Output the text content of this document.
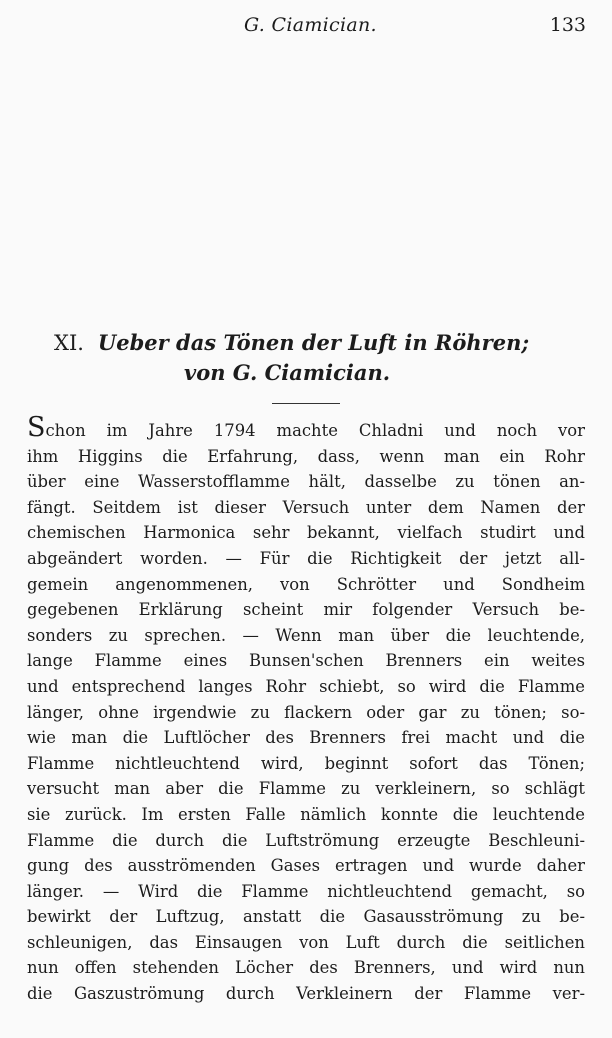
G. Ciamician.	133
XI. Ueber das Tönen der Luft in Röhren;
von G. Ciamician.
Schon im Jahre 1794 machte Chladni und noch vor
ihm Higgins die Erfahrung, dass, wenn man ein Rohr
über eine Wasserstofflamme hält, dasselbe zu tönen an-
fängt. Seitdem ist dieser Versuch unter dem Namen der
chemischen Harmonica sehr bekannt, vielfach studirt und
abgeändert worden. — Für die Richtigkeit der jetzt all-
gemein angenommenen, von Schrötter und Sondheim
gegebenen Erklärung scheint mir folgender Versuch be-
sonders zu sprechen. — Wenn man über die leuchtende,
lange Flamme eines Bunsen'schen Brenners ein weites
und entsprechend langes Rohr schiebt, so wird die Flamme
länger, ohne irgendwie zu flackern oder gar zu tönen; so-
wie man die Luftlöcher des Brenners frei macht und die
Flamme nichtleuchtend wird, beginnt sofort das Tönen;
versucht man aber die Flamme zu verkleinern, so schlägt
sie zurück. Im ersten Falle nämlich konnte die leuchtende
Flamme die durch die Luftströmung erzeugte Beschleuni-
gung des ausströmenden Gases ertragen und wurde daher
länger. — Wird die Flamme nichtleuchtend gemacht, so
bewirkt der Luftzug, anstatt die Gasausströmung zu be-
schleunigen, das Einsaugen von Luft durch die seitlichen
nun offen stehenden Löcher des Brenners, und wird nun
die Gaszuströmung durch Verkleinern der Flamme ver-
